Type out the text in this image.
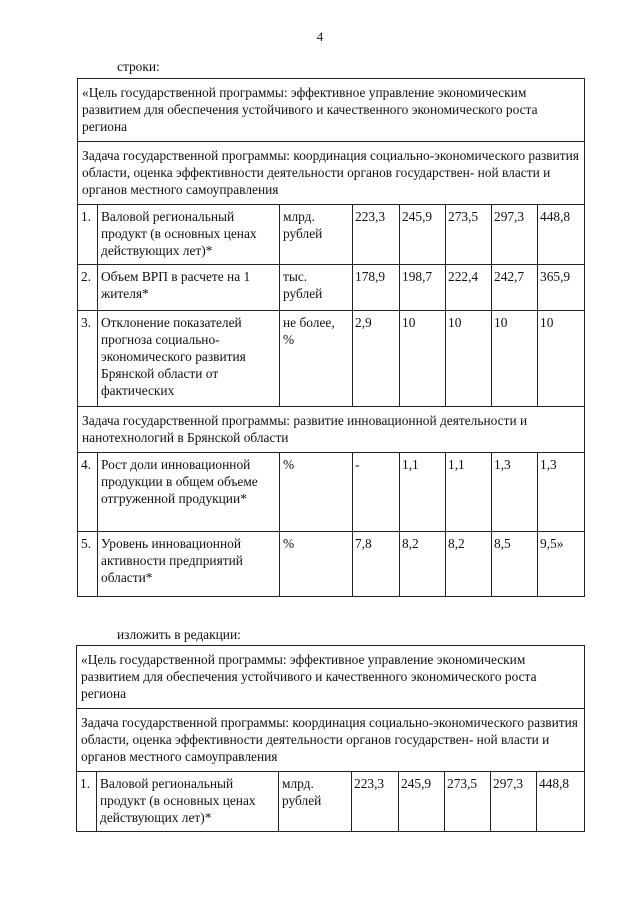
4
строки:
«Цель государственной программы: эффективное управление экономическим развитием для обеспечения устойчивого и качественного экономического роста региона							
Задача государственной программы: координация социально-экономического развития области, оценка эффективности деятельности органов государствен- ной власти и органов местного самоуправления							
1.	Валовой региональный продукт (в основных ценах действующих лет)*	млрд. рублей	223,3	245,9	273,5	297,3	448,8
2.	Объем ВРП в расчете на 1 жителя*	тыс. рублей	178,9	198,7	222,4	242,7	365,9
3.	Отклонение показателей прогноза социально-экономического развития Брянской области от фактических	не более, %	2,9	10	10	10	10
Задача государственной программы: развитие инновационной деятельности и нанотехнологий в Брянской области							
4.	Рост доли инновационной продукции в общем объеме отгруженной продукции*	%	-	1,1	1,1	1,3	1,3
5.	Уровень инновационной активности предприятий области*	%	7,8	8,2	8,2	8,5	9,5»
изложить в редакции:
«Цель государственной программы: эффективное управление экономическим развитием для обеспечения устойчивого и качественного экономического роста региона
Задача государственной программы: координация социально-экономического развития области, оценка эффективности деятельности органов государствен- ной власти и органов местного самоуправления
1.	Валовой региональный продукт (в основных ценах действующих лет)*	млрд. рублей	223,3	245,9	273,5	297,3	448,8
